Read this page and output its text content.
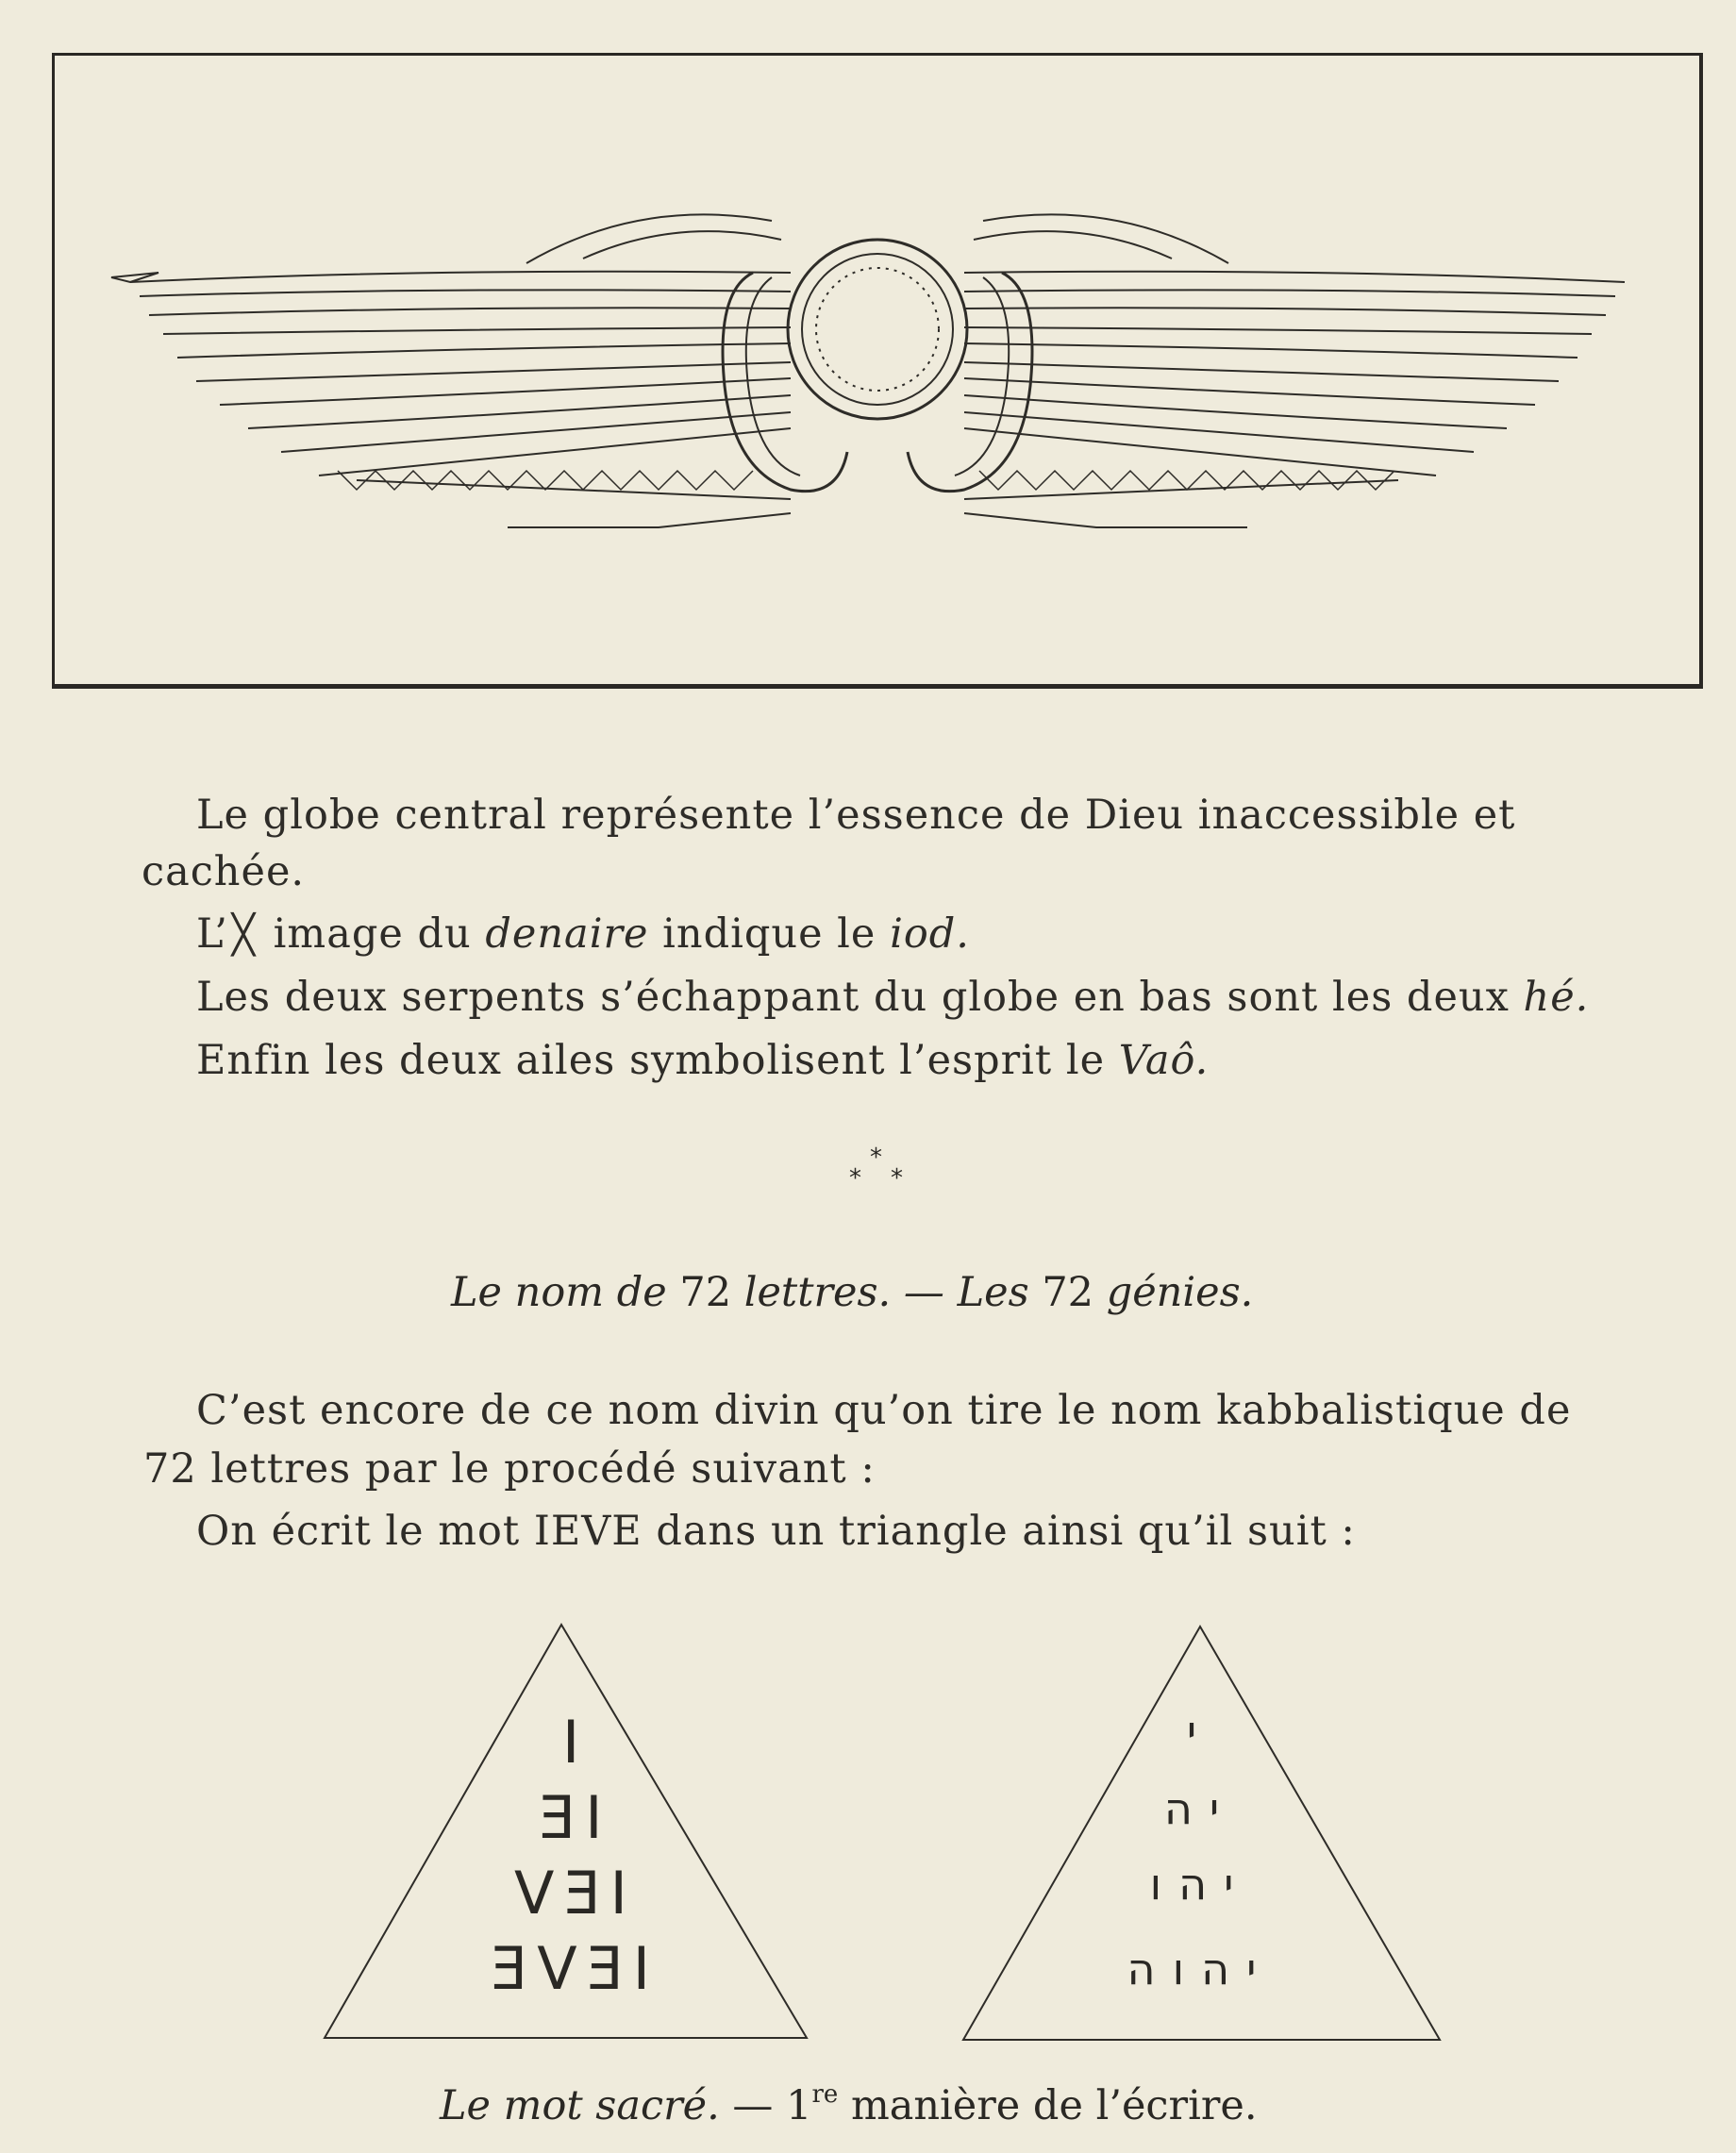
Le globe central représente l’essence de Dieu inaccessible et
cachée.
L’ ╳ image du denaire indique le iod.
Les deux serpents s’échappant du globe en bas sont les deux hé.
Enfin les deux ailes symbolisent l’esprit le Vaô.
*
* *
Le nom de 72 lettres. — Les 72 génies.
C’est encore de ce nom divin qu’on tire le nom kabbalistique de
72 lettres par le procédé suivant :
On écrit le mot IEVE dans un triangle ainsi qu’il suit :
I
IE
IEV
IEVE
י
יה
יהו
יהוה
Le mot sacré. — 1re manière de l’écrire.
